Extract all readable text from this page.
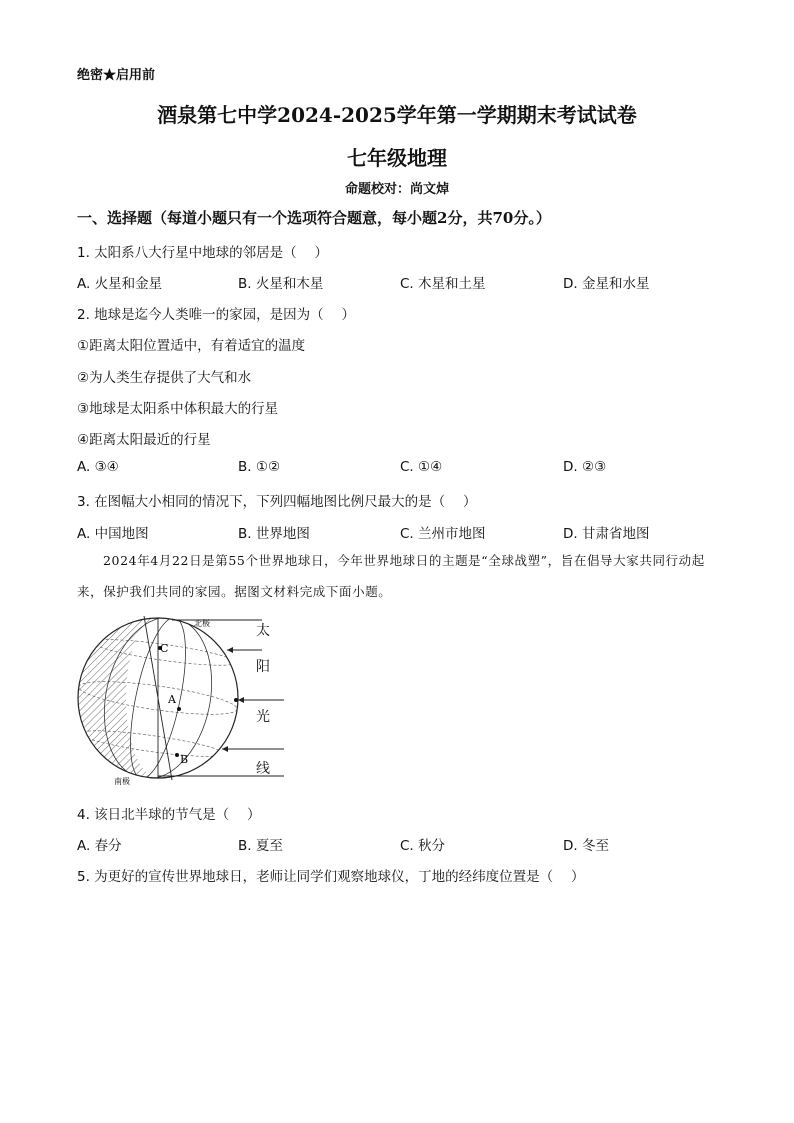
绝密★启用前
酒泉第七中学2024-2025学年第一学期期末考试试卷
七年级地理
命题校对：尚文焯
一、选择题（每道小题只有一个选项符合题意，每小题2分，共70分。）
1. 太阳系八大行星中地球的邻居是（　 ）
A. 火星和金星	B. 火星和木星	C. 木星和土星	D. 金星和水星
2. 地球是迄今人类唯一的家园，是因为（　 ）
①距离太阳位置适中，有着适宜的温度
②为人类生存提供了大气和水
③地球是太阳系中体积最大的行星
④距离太阳最近的行星
A. ③④	B. ①②	C. ①④	D. ②③
3. 在图幅大小相同的情况下，下列四幅地图比例尺最大的是（　 ）
A. 中国地图	B. 世界地图	C. 兰州市地图	D. 甘肃省地图
2024年4月22日是第55个世界地球日，今年世界地球日的主题是“全球战塑”，旨在倡导大家共同行动起来，保护我们共同的家园。据图文材料完成下面小题。
北极
南极
C
A
B
太
阳
光
线
4. 该日北半球的节气是（　 ）
A. 春分	B. 夏至	C. 秋分	D. 冬至
5. 为更好的宣传世界地球日，老师让同学们观察地球仪，丁地的经纬度位置是（　 ）
